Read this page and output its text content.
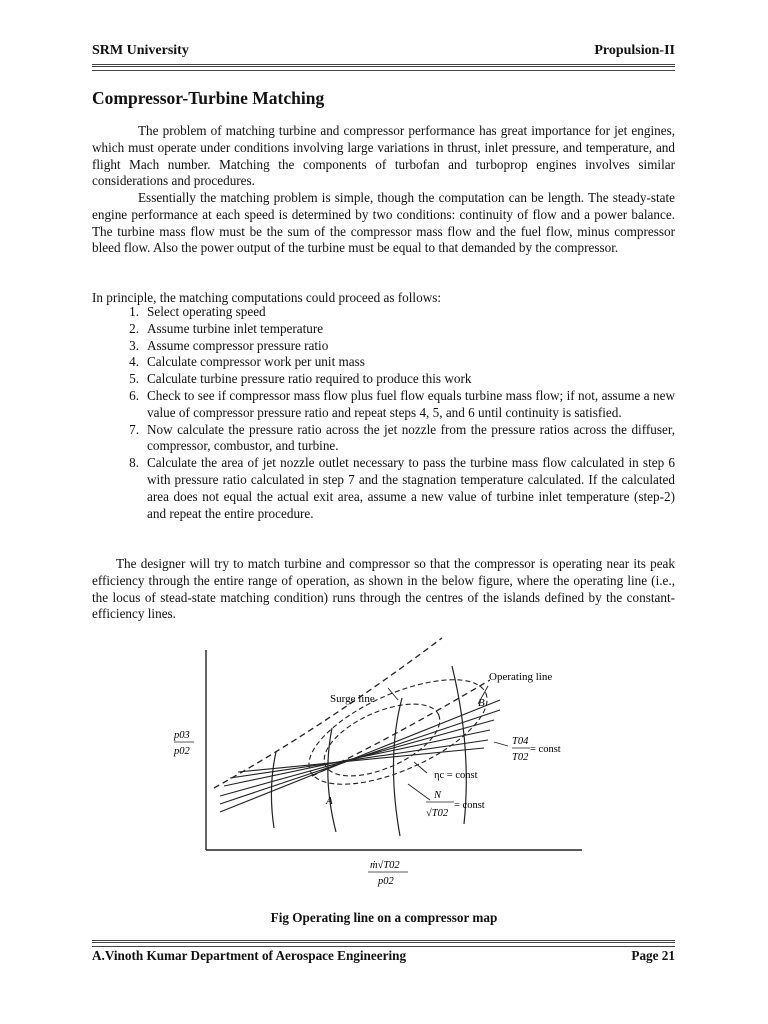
SRM University	Propulsion-II
Compressor-Turbine Matching

The problem of matching turbine and compressor performance has great importance for jet engines, which must operate under conditions involving large variations in thrust, inlet pressure, and temperature, and flight Mach number. Matching the components of turbofan and turboprop engines involves similar considerations and procedures.

Essentially the matching problem is simple, though the computation can be length. The steady-state engine performance at each speed is determined by two conditions: continuity of flow and a power balance. The turbine mass flow must be the sum of the compressor mass flow and the fuel flow, minus compressor bleed flow. Also the power output of the turbine must be equal to that demanded by the compressor.

In principle, the matching computations could proceed as follows:

1. Select operating speed
2. Assume turbine inlet temperature
3. Assume compressor pressure ratio
4. Calculate compressor work per unit mass
5. Calculate turbine pressure ratio required to produce this work
6. Check to see if compressor mass flow plus fuel flow equals turbine mass flow; if not, assume a new value of compressor pressure ratio and repeat steps 4, 5, and 6 until continuity is satisfied.
7. Now calculate the pressure ratio across the jet nozzle from the pressure ratios across the diffuser, compressor, combustor, and turbine.
8. Calculate the area of jet nozzle outlet necessary to pass the turbine mass flow calculated in step 6 with pressure ratio calculated in step 7 and the stagnation temperature calculated. If the calculated area does not equal the actual exit area, assume a new value of turbine inlet temperature (step-2) and repeat the entire procedure.

The designer will try to match turbine and compressor so that the compressor is operating near its peak efficiency through the entire range of operation, as shown in the below figure, where the operating line (i.e., the locus of stead-state matching condition) runs through the centres of the islands defined by the constant-efficiency lines.

Operating line
Surge line
A
B
p03
p02
T04
T02
= const
ηc = const
N
√T02
= const
ṁ√T02
p02
Fig Operating line on a compressor map
A.Vinoth Kumar Department of Aerospace Engineering	Page 21
